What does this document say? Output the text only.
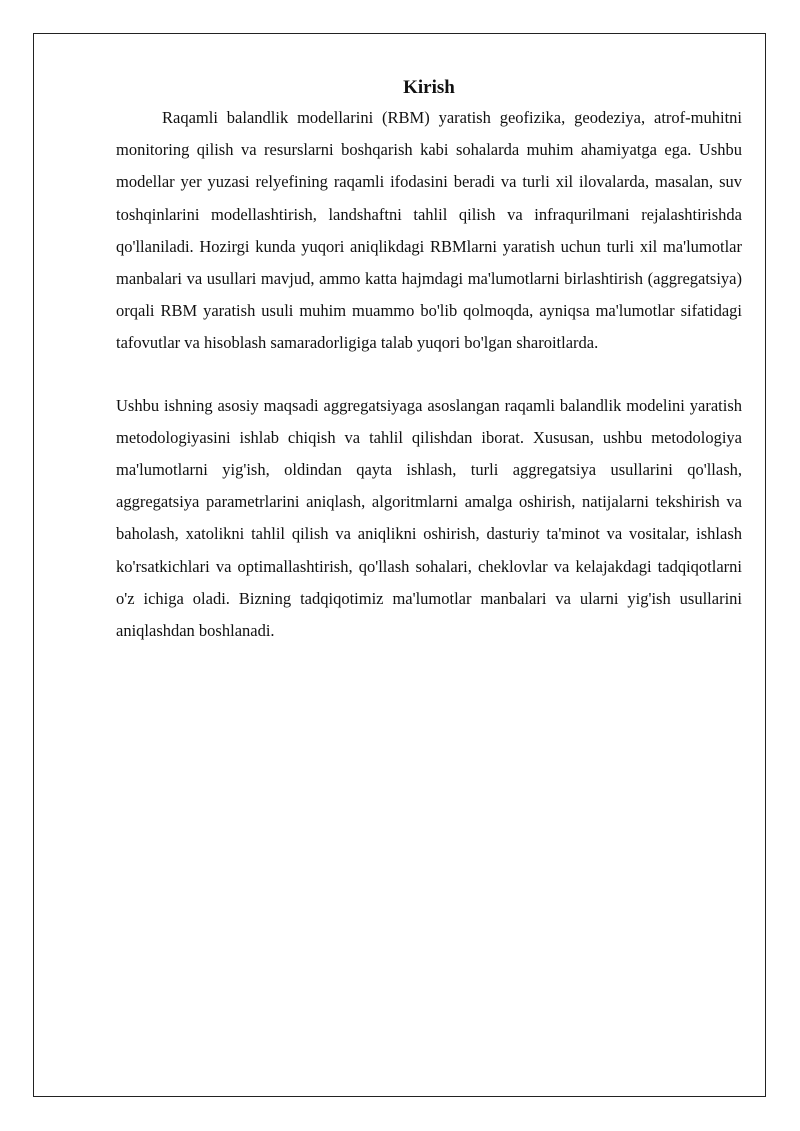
Kirish

Raqamli balandlik modellarini (RBM) yaratish geofizika, geodeziya, atrof-muhitni monitoring qilish va resurslarni boshqarish kabi sohalarda muhim ahamiyatga ega. Ushbu modellar yer yuzasi relyefining raqamli ifodasini beradi va turli xil ilovalarda, masalan, suv toshqinlarini modellashtirish, landshaftni tahlil qilish va infraqurilmani rejalashtirishda qo'llaniladi. Hozirgi kunda yuqori aniqlikdagi RBMlarni yaratish uchun turli xil ma'lumotlar manbalari va usullari mavjud, ammo katta hajmdagi ma'lumotlarni birlashtirish (aggregatsiya) orqali RBM yaratish usuli muhim muammo bo'lib qolmoqda, ayniqsa ma'lumotlar sifatidagi tafovutlar va hisoblash samaradorligiga talab yuqori bo'lgan sharoitlarda.

Ushbu ishning asosiy maqsadi aggregatsiyaga asoslangan raqamli balandlik modelini yaratish metodologiyasini ishlab chiqish va tahlil qilishdan iborat. Xususan, ushbu metodologiya ma'lumotlarni yig'ish, oldindan qayta ishlash, turli aggregatsiya usullarini qo'llash, aggregatsiya parametrlarini aniqlash, algoritmlarni amalga oshirish, natijalarni tekshirish va baholash, xatolikni tahlil qilish va aniqlikni oshirish, dasturiy ta'minot va vositalar, ishlash ko'rsatkichlari va optimallashtirish, qo'llash sohalari, cheklovlar va kelajakdagi tadqiqotlarni o'z ichiga oladi. Bizning tadqiqotimiz ma'lumotlar manbalari va ularni yig'ish usullarini aniqlashdan boshlanadi.
